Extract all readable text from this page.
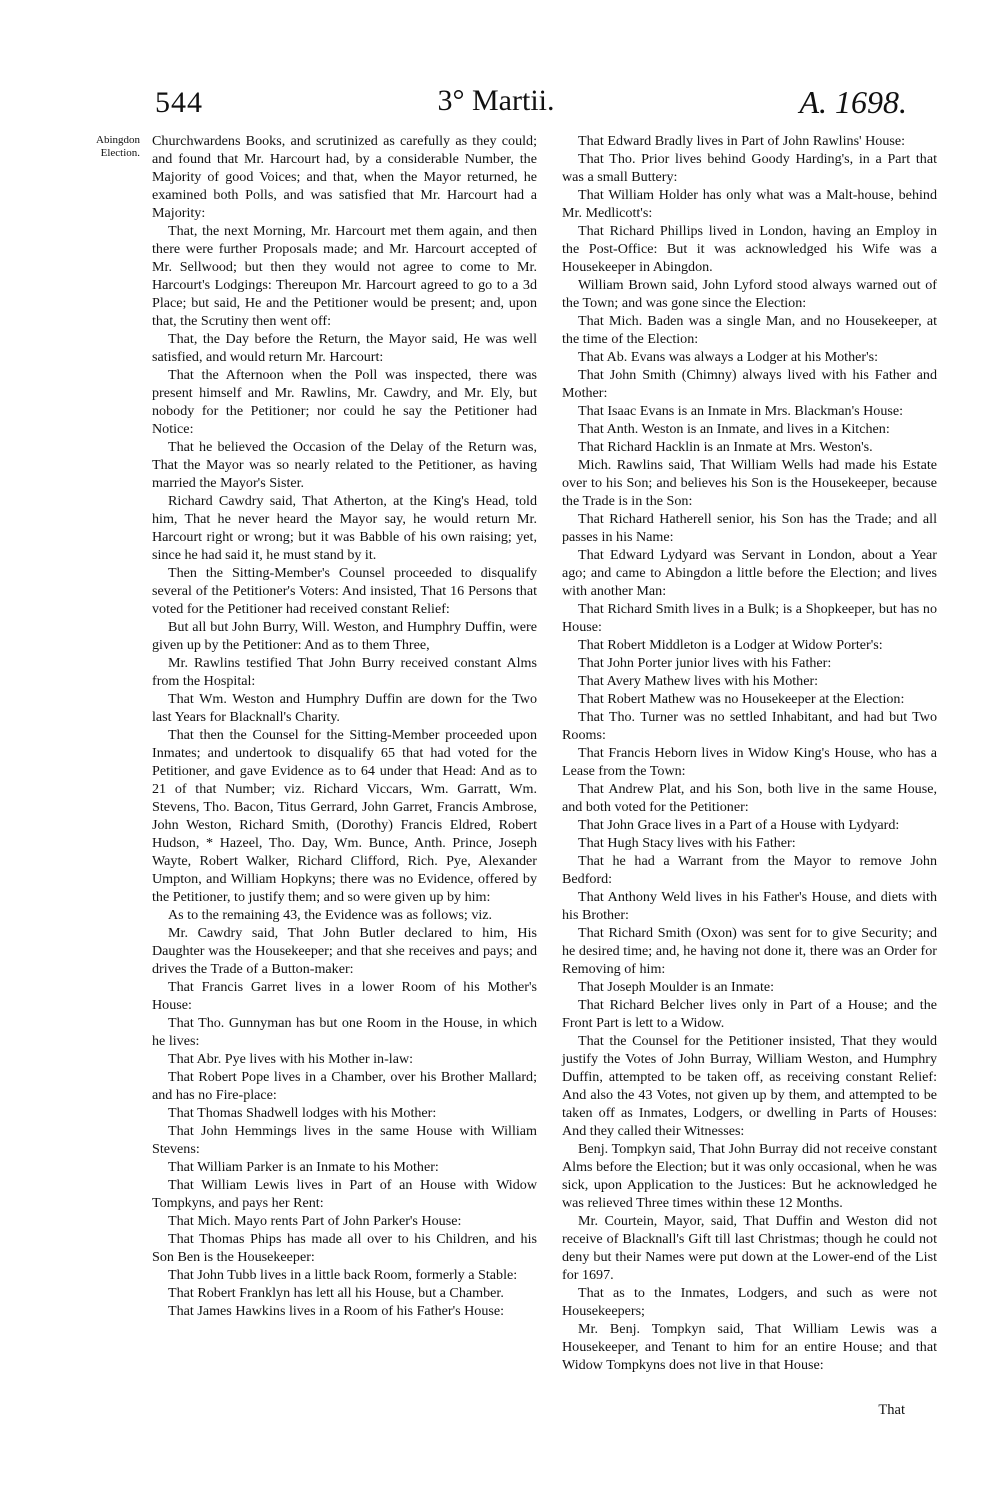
544	3° Martii.	A. 1698.
Abingdon Election.

Churchwardens Books, and scrutinized as carefully as they could; and found that Mr. Harcourt had, by a considerable Number, the Majority of good Voices; and that, when the Mayor returned, he examined both Polls, and was satisfied that Mr. Harcourt had a Majority:

That, the next Morning, Mr. Harcourt met them again, and then there were further Proposals made; and Mr. Harcourt accepted of Mr. Sellwood; but then they would not agree to come to Mr. Harcourt's Lodgings: Thereupon Mr. Harcourt agreed to go to a 3d Place; but said, He and the Petitioner would be present; and, upon that, the Scrutiny then went off:

That, the Day before the Return, the Mayor said, He was well satisfied, and would return Mr. Harcourt:

That the Afternoon when the Poll was inspected, there was present himself and Mr. Rawlins, Mr. Cawdry, and Mr. Ely, but nobody for the Petitioner; nor could he say the Petitioner had Notice:

That he believed the Occasion of the Delay of the Return was, That the Mayor was so nearly related to the Petitioner, as having married the Mayor's Sister.

Richard Cawdry said, That Atherton, at the King's Head, told him, That he never heard the Mayor say, he would return Mr. Harcourt right or wrong; but it was Babble of his own raising; yet, since he had said it, he must stand by it.

Then the Sitting-Member's Counsel proceeded to disqualify several of the Petitioner's Voters: And insisted, That 16 Persons that voted for the Petitioner had received constant Relief:

But all but John Burry, Will. Weston, and Humphry Duffin, were given up by the Petitioner: And as to them Three,

Mr. Rawlins testified That John Burry received constant Alms from the Hospital:

That Wm. Weston and Humphry Duffin are down for the Two last Years for Blacknall's Charity.

That then the Counsel for the Sitting-Member proceeded upon Inmates; and undertook to disqualify 65 that had voted for the Petitioner, and gave Evidence as to 64 under that Head: And as to 21 of that Number; viz. Richard Viccars, Wm. Garratt, Wm. Stevens, Tho. Bacon, Titus Gerrard, John Garret, Francis Ambrose, John Weston, Richard Smith, (Dorothy) Francis Eldred, Robert Hudson, * Hazeel, Tho. Day, Wm. Bunce, Anth. Prince, Joseph Wayte, Robert Walker, Richard Clifford, Rich. Pye, Alexander Umpton, and William Hopkyns; there was no Evidence, offered by the Petitioner, to justify them; and so were given up by him:

As to the remaining 43, the Evidence was as follows; viz.

Mr. Cawdry said, That John Butler declared to him, His Daughter was the Housekeeper; and that she receives and pays; and drives the Trade of a Button-maker:

That Francis Garret lives in a lower Room of his Mother's House:

That Tho. Gunnyman has but one Room in the House, in which he lives:

That Abr. Pye lives with his Mother in-law:

That Robert Pope lives in a Chamber, over his Brother Mallard; and has no Fire-place:

That Thomas Shadwell lodges with his Mother:

That John Hemmings lives in the same House with William Stevens:

That William Parker is an Inmate to his Mother:

That William Lewis lives in Part of an House with Widow Tompkyns, and pays her Rent:

That Mich. Mayo rents Part of John Parker's House:

That Thomas Phips has made all over to his Children, and his Son Ben is the Housekeeper:

That John Tubb lives in a little back Room, formerly a Stable:

That Robert Franklyn has lett all his House, but a Chamber.

That James Hawkins lives in a Room of his Father's House:

That Edward Bradly lives in Part of John Rawlins' House:

That Tho. Prior lives behind Goody Harding's, in a Part that was a small Buttery:

That William Holder has only what was a Malt-house, behind Mr. Medlicott's:

That Richard Phillips lived in London, having an Employ in the Post-Office: But it was acknowledged his Wife was a Housekeeper in Abingdon.

William Brown said, John Lyford stood always warned out of the Town; and was gone since the Election:

That Mich. Baden was a single Man, and no Housekeeper, at the time of the Election:

That Ab. Evans was always a Lodger at his Mother's:

That John Smith (Chimny) always lived with his Father and Mother:

That Isaac Evans is an Inmate in Mrs. Blackman's House:

That Anth. Weston is an Inmate, and lives in a Kitchen:

That Richard Hacklin is an Inmate at Mrs. Weston's.

Mich. Rawlins said, That William Wells had made his Estate over to his Son; and believes his Son is the Housekeeper, because the Trade is in the Son:

That Richard Hatherell senior, his Son has the Trade; and all passes in his Name:

That Edward Lydyard was Servant in London, about a Year ago; and came to Abingdon a little before the Election; and lives with another Man:

That Richard Smith lives in a Bulk; is a Shopkeeper, but has no House:

That Robert Middleton is a Lodger at Widow Porter's:

That John Porter junior lives with his Father:

That Avery Mathew lives with his Mother:

That Robert Mathew was no Housekeeper at the Election:

That Tho. Turner was no settled Inhabitant, and had but Two Rooms:

That Francis Heborn lives in Widow King's House, who has a Lease from the Town:

That Andrew Plat, and his Son, both live in the same House, and both voted for the Petitioner:

That John Grace lives in a Part of a House with Lydyard:

That Hugh Stacy lives with his Father:

That he had a Warrant from the Mayor to remove John Bedford:

That Anthony Weld lives in his Father's House, and diets with his Brother:

That Richard Smith (Oxon) was sent for to give Security; and he desired time; and, he having not done it, there was an Order for Removing of him:

That Joseph Moulder is an Inmate:

That Richard Belcher lives only in Part of a House; and the Front Part is lett to a Widow.

That the Counsel for the Petitioner insisted, That they would justify the Votes of John Burray, William Weston, and Humphry Duffin, attempted to be taken off, as receiving constant Relief: And also the 43 Votes, not given up by them, and attempted to be taken off as Inmates, Lodgers, or dwelling in Parts of Houses: And they called their Witnesses:

Benj. Tompkyn said, That John Burray did not receive constant Alms before the Election; but it was only occasional, when he was sick, upon Application to the Justices: But he acknowledged he was relieved Three times within these 12 Months.

Mr. Courtein, Mayor, said, That Duffin and Weston did not receive of Blacknall's Gift till last Christmas; though he could not deny but their Names were put down at the Lower-end of the List for 1697.

That as to the Inmates, Lodgers, and such as were not Housekeepers;

Mr. Benj. Tompkyn said, That William Lewis was a Housekeeper, and Tenant to him for an entire House; and that Widow Tompkyns does not live in that House:

That
